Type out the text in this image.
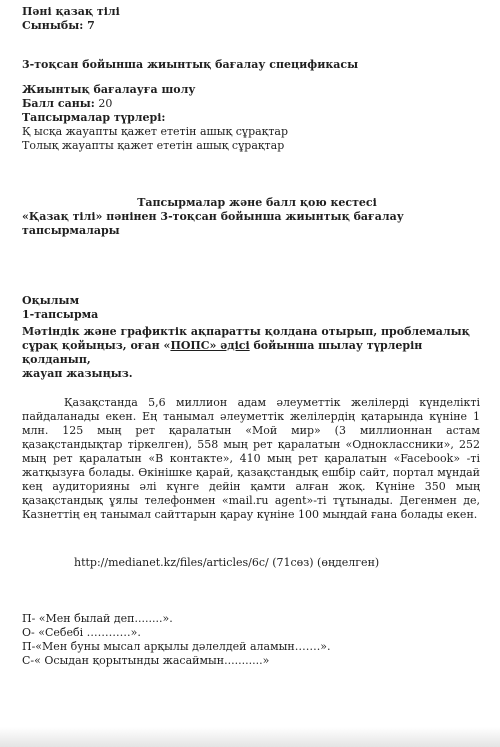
Пәні қазақ тілі
Сыныбы: 7
3-тоқсан бойынша жиынтық бағалау спецификасы
Жиынтық бағалауға шолу
Балл саны: 20
Тапсырмалар түрлері:
Қ ысқа жауапты қажет ететін ашық сұрақтар
Толық жауапты қажет ететін ашық сұрақтар
Тапсырмалар және балл қою кестесі
«Қазақ тілі» пәнінен 3-тоқсан бойынша жиынтық бағалау
тапсырмалары
Оқылым
1-тапсырма
Мәтіндік және графиктік ақпаратты қолдана отырып, проблемалық
сұрақ қойыңыз, оған «ПОПС» әдісі бойынша шылау түрлерін қолданып,
жауап жазыңыз.
Қазақстанда 5,6 миллион адам әлеуметтік желілерді күнделікті пайдаланады екен. Ең танымал әлеуметтік желілердің қатарында күніне 1 млн. 125 мың рет қаралатын «Мой мир» (3 миллионнан астам қазақстандықтар тіркелген), 558 мың рет қаралатын «Одноклассники», 252 мың рет қаралатын «В контакте», 410 мың рет қаралатын «Facebook» -ті жатқызуға болады. Өкінішке қарай, қазақстандық ешбір сайт, портал мұндай кең аудиторияны әлі күнге дейін қамти алған жоқ. Күніне 350 мың қазақстандық ұялы телефонмен «mail.ru agent»-ті тұтынады. Дегенмен де, Казнеттің ең танымал сайттарын қарау күніне 100 мыңдай ғана болады екен.
http://medianet.kz/files/articles/6c/ (71сөз) (өңделген)
П- «Мен былай деп........».
О- «Себебі …………».
П-«Мен буны мысал арқылы дәлелдей аламын…….».
С-« Осыдан қорытынды жасаймын...........»
